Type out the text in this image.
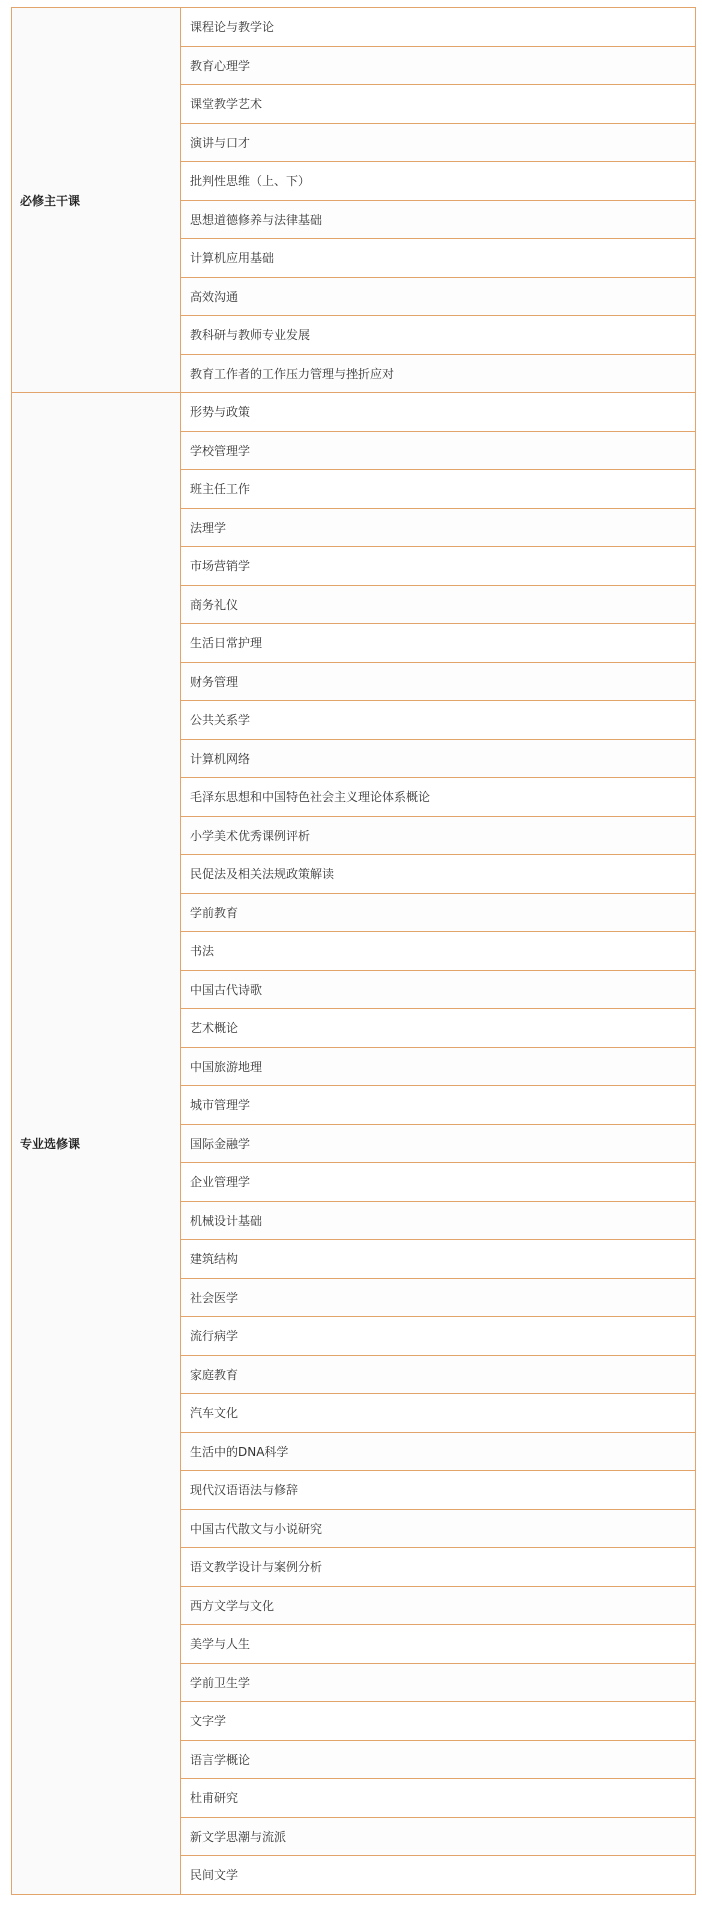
必修主干课	课程论与教学论
	教育心理学
	课堂教学艺术
	演讲与口才
	批判性思维（上、下）
	思想道德修养与法律基础
	计算机应用基础
	高效沟通
	教科研与教师专业发展
	教育工作者的工作压力管理与挫折应对
专业选修课	形势与政策
	学校管理学
	班主任工作
	法理学
	市场营销学
	商务礼仪
	生活日常护理
	财务管理
	公共关系学
	计算机网络
	毛泽东思想和中国特色社会主义理论体系概论
	小学美术优秀课例评析
	民促法及相关法规政策解读
	学前教育
	书法
	中国古代诗歌
	艺术概论
	中国旅游地理
	城市管理学
	国际金融学
	企业管理学
	机械设计基础
	建筑结构
	社会医学
	流行病学
	家庭教育
	汽车文化
	生活中的DNA科学
	现代汉语语法与修辞
	中国古代散文与小说研究
	语文教学设计与案例分析
	西方文学与文化
	美学与人生
	学前卫生学
	文字学
	语言学概论
	杜甫研究
	新文学思潮与流派
	民间文学
